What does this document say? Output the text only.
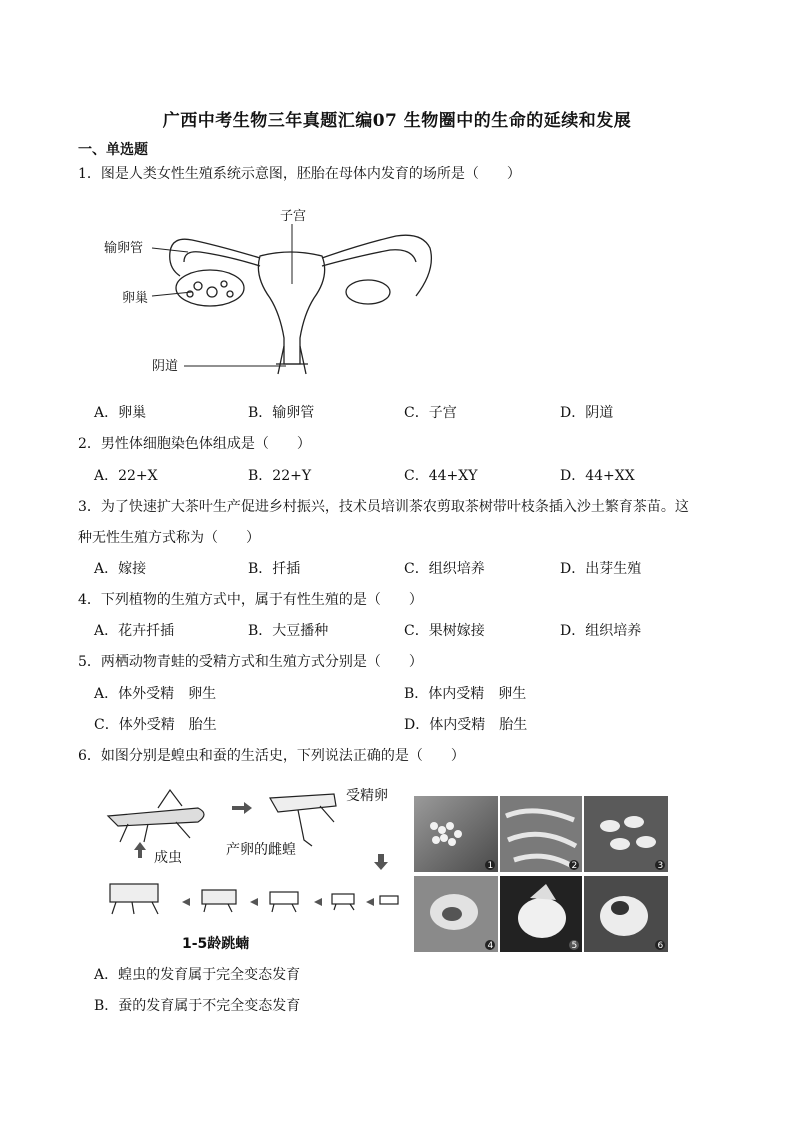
广西中考生物三年真题汇编07 生物圈中的生命的延续和发展
一、单选题
1．图是人类女性生殖系统示意图，胚胎在母体内发育的场所是（　　）
子宫
输卵管
卵巢
阴道
A．卵巢	B．输卵管	C．子宫	D．阴道
2．男性体细胞染色体组成是（　　）
A．22+X	B．22+Y	C．44+XY	D．44+XX
3．为了快速扩大茶叶生产促进乡村振兴，技术员培训茶农剪取茶树带叶枝条插入沙土繁育茶苗。这
种无性生殖方式称为（　　）
A．嫁接	B．扦插	C．组织培养	D．出芽生殖
4．下列植物的生殖方式中，属于有性生殖的是（　　）
A．花卉扦插	B．大豆播种	C．果树嫁接	D．组织培养
5．两栖动物青蛙的受精方式和生殖方式分别是（　　）
A．体外受精　卵生	B．体内受精　卵生
C．体外受精　胎生	D．体内受精　胎生
6．如图分别是蝗虫和蚕的生活史，下列说法正确的是（　　）
受精卵
产卵的雌蝗
成虫
1-5龄跳蝻
1	2	3
4	5	6
A．蝗虫的发育属于完全变态发育
B．蚕的发育属于不完全变态发育
